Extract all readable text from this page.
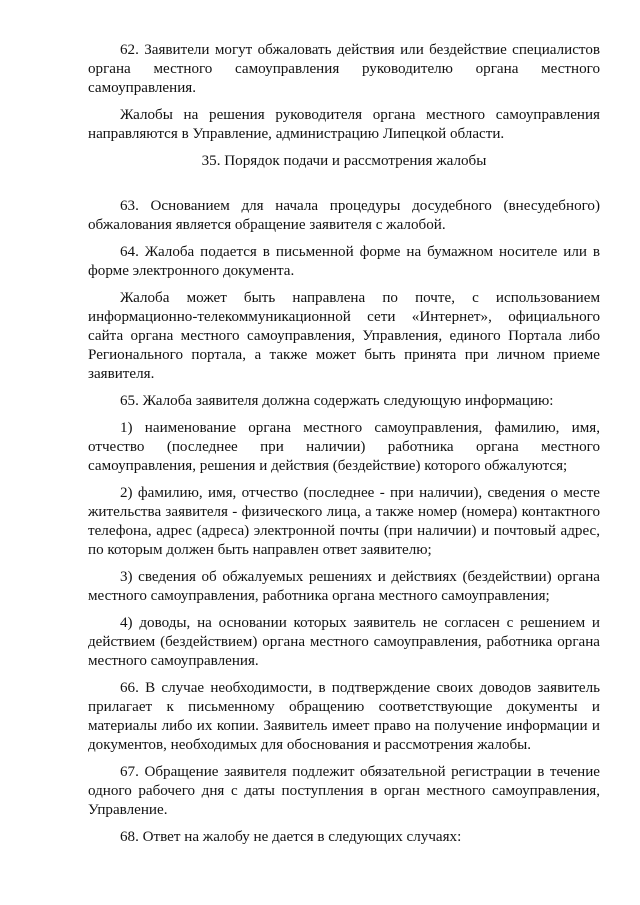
62. Заявители могут обжаловать действия или бездействие специалистов органа местного самоуправления руководителю органа местного самоуправления.

Жалобы на решения руководителя органа местного самоуправления направляются в Управление, администрацию Липецкой области.

35. Порядок подачи и рассмотрения жалобы

63. Основанием для начала процедуры досудебного (внесудебного) обжалования является обращение заявителя с жалобой.

64. Жалоба подается в письменной форме на бумажном носителе или в форме электронного документа.

Жалоба может быть направлена по почте, с использованием информационно-телекоммуникационной сети «Интернет», официального сайта органа местного самоуправления, Управления, единого Портала либо Регионального портала, а также может быть принята при личном приеме заявителя.

65. Жалоба заявителя должна содержать следующую информацию:

1) наименование органа местного самоуправления, фамилию, имя, отчество (последнее при наличии) работника органа местного самоуправления, решения и действия (бездействие) которого обжалуются;

2) фамилию, имя, отчество (последнее - при наличии), сведения о месте жительства заявителя - физического лица, а также номер (номера) контактного телефона, адрес (адреса) электронной почты (при наличии) и почтовый адрес, по которым должен быть направлен ответ заявителю;

3) сведения об обжалуемых решениях и действиях (бездействии) органа местного самоуправления, работника органа местного самоуправления;

4) доводы, на основании которых заявитель не согласен с решением и действием (бездействием) органа местного самоуправления, работника органа местного самоуправления.

66. В случае необходимости, в подтверждение своих доводов заявитель прилагает к письменному обращению соответствующие документы и материалы либо их копии. Заявитель имеет право на получение информации и документов, необходимых для обоснования и рассмотрения жалобы.

67. Обращение заявителя подлежит обязательной регистрации в течение одного рабочего дня с даты поступления в орган местного самоуправления, Управление.

68. Ответ на жалобу не дается в следующих случаях:
